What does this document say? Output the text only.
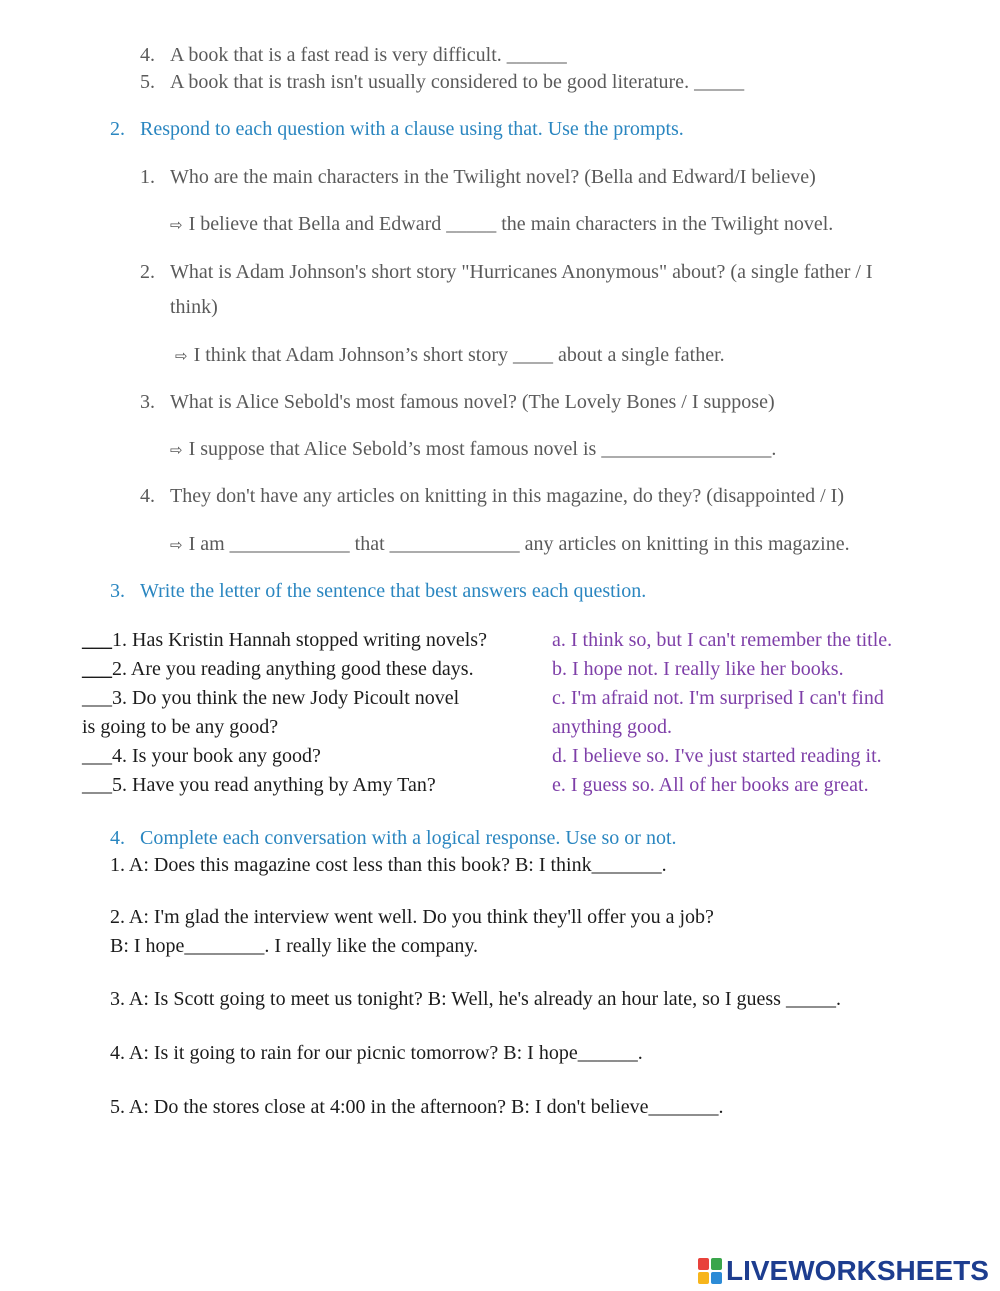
4. A book that is a fast read is very difficult. ______
5. A book that is trash isn't usually considered to be good literature. _____
2. Respond to each question with a clause using that. Use the prompts.
1. Who are the main characters in the Twilight novel? (Bella and Edward/I believe)
⇨ I believe that Bella and Edward _____ the main characters in the Twilight novel.
2. What is Adam Johnson's short story "Hurricanes Anonymous" about? (a single father / I
think)
⇨ I think that Adam Johnson’s short story ____ about a single father.
3. What is Alice Sebold's most famous novel? (The Lovely Bones / I suppose)
⇨ I suppose that Alice Sebold’s most famous novel is _________________.
4. They don't have any articles on knitting in this magazine, do they? (disappointed / I)
⇨ I am ____________ that _____________ any articles on knitting in this magazine.
3. Write the letter of the sentence that best answers each question.
___1. Has Kristin Hannah stopped writing novels?
___2. Are you reading anything good these days.
___3. Do you think the new Jody Picoult novel
is going to be any good?
___4. Is your book any good?
___5. Have you read anything by Amy Tan?
a. I think so, but I can't remember the title.
b. I hope not. I really like her books.
c. I'm afraid not. I'm surprised I can't find
anything good.
d. I believe so. I've just started reading it.
e. I guess so. All of her books are great.
4. Complete each conversation with a logical response. Use so or not.
1. A: Does this magazine cost less than this book? B: I think_______.
2. A: I'm glad the interview went well. Do you think they'll offer you a job?
B: I hope________. I really like the company.
3. A: Is Scott going to meet us tonight? B: Well, he's already an hour late, so I guess _____.
4. A: Is it going to rain for our picnic tomorrow? B: I hope______.
5. A: Do the stores close at 4:00 in the afternoon? B: I don't believe_______.
LIVEWORKSHEETS
